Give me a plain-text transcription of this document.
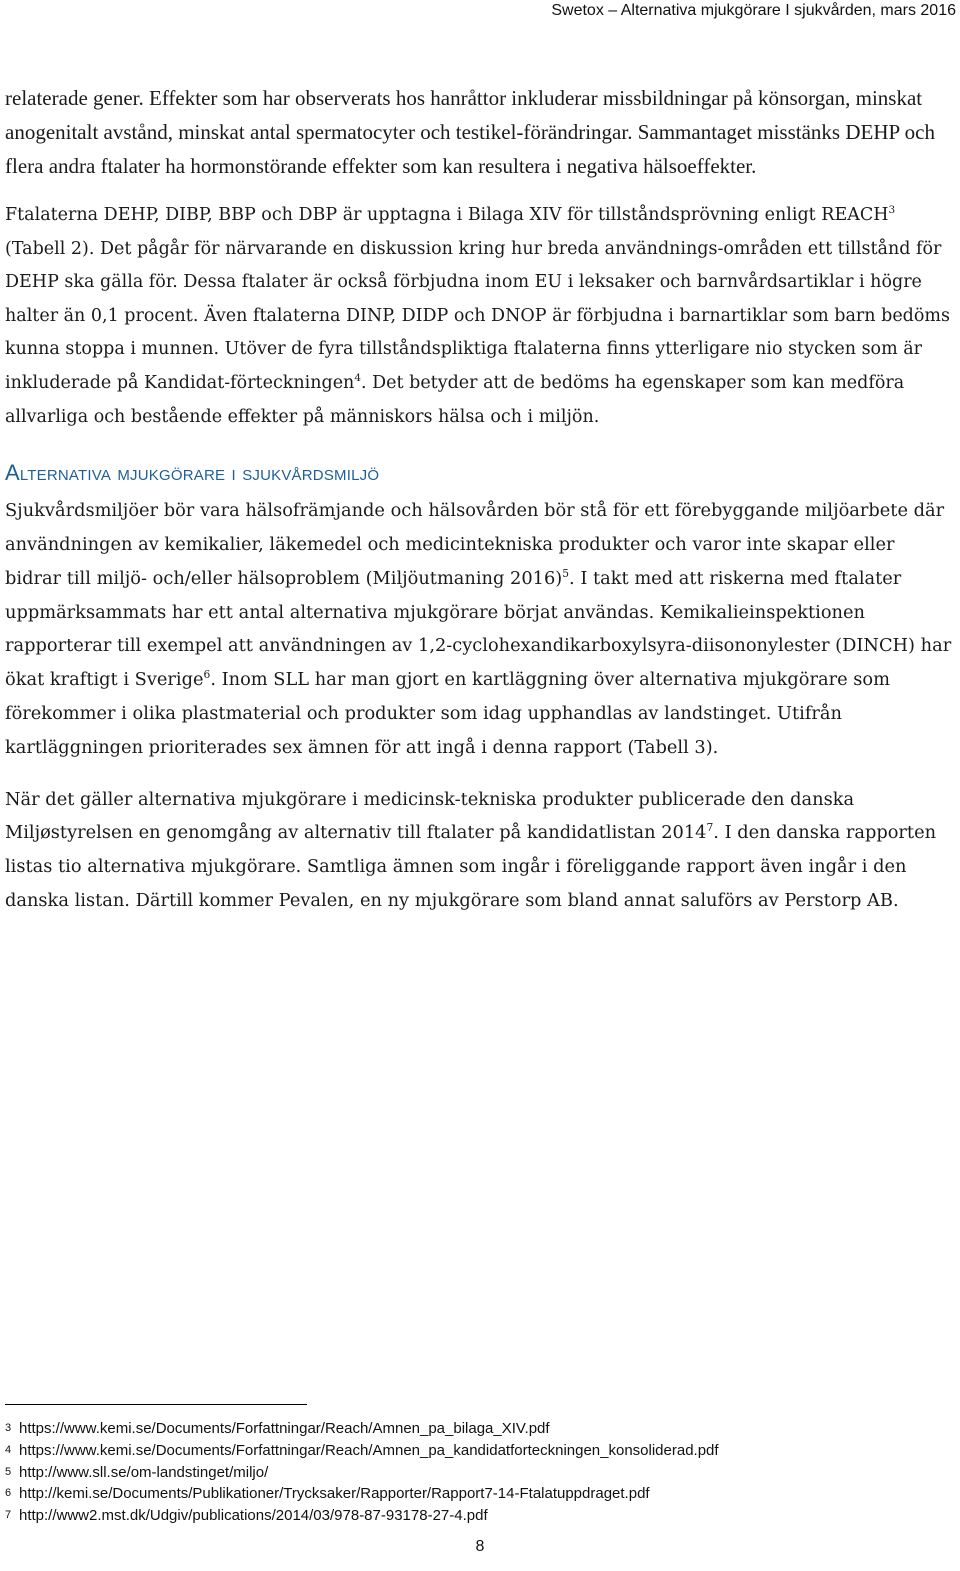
Swetox – Alternativa mjukgörare I sjukvården, mars 2016

relaterade gener. Effekter som har observerats hos hanråttor inkluderar missbildningar på könsorgan, minskat anogenitalt avstånd, minskat antal spermatocyter och testikel-förändringar. Sammantaget misstänks DEHP och flera andra ftalater ha hormonstörande effekter som kan resultera i negativa hälsoeffekter.

Ftalaterna DEHP, DIBP, BBP och DBP är upptagna i Bilaga XIV för tillståndsprövning enligt REACH$^3$ (Tabell 2). Det pågår för närvarande en diskussion kring hur breda användnings-områden ett tillstånd för DEHP ska gälla för. Dessa ftalater är också förbjudna inom EU i leksaker och barnvårdsartiklar i högre halter än 0,1 procent. Även ftalaterna DINP, DIDP och DNOP är förbjudna i barnartiklar som barn bedöms kunna stoppa i munnen. Utöver de fyra tillståndspliktiga ftalaterna finns ytterligare nio stycken som är inkluderade på Kandidat-förteckningen$^4$. Det betyder att de bedöms ha egenskaper som kan medföra allvarliga och bestående effekter på människors hälsa och i miljön.

Alternativa mjukgörare i sjukvårdsmiljö

Sjukvårdsmiljöer bör vara hälsofrämjande och hälsovården bör stå för ett förebyggande miljöarbete där användningen av kemikalier, läkemedel och medicintekniska produkter och varor inte skapar eller bidrar till miljö- och/eller hälsoproblem (Miljöutmaning 2016)$^5$. I takt med att riskerna med ftalater uppmärksammats har ett antal alternativa mjukgörare börjat användas. Kemikalieinspektionen rapporterar till exempel att användningen av 1,2-cyclohexandikarboxylsyra-diisononylester (DINCH) har ökat kraftigt i Sverige$^6$. Inom SLL har man gjort en kartläggning över alternativa mjukgörare som förekommer i olika plastmaterial och produkter som idag upphandlas av landstinget. Utifrån kartläggningen prioriterades sex ämnen för att ingå i denna rapport (Tabell 3).

När det gäller alternativa mjukgörare i medicinsk-tekniska produkter publicerade den danska Miljøstyrelsen en genomgång av alternativ till ftalater på kandidatlistan 2014$^7$. I den danska rapporten listas tio alternativa mjukgörare. Samtliga ämnen som ingår i föreliggande rapport även ingår i den danska listan. Därtill kommer Pevalen, en ny mjukgörare som bland annat saluförs av Perstorp AB.

3 https://www.kemi.se/Documents/Forfattningar/Reach/Amnen_pa_bilaga_XIV.pdf
4 https://www.kemi.se/Documents/Forfattningar/Reach/Amnen_pa_kandidatforteckningen_konsoliderad.pdf
5 http://www.sll.se/om-landstinget/miljo/
6 http://kemi.se/Documents/Publikationer/Trycksaker/Rapporter/Rapport7-14-Ftalatuppdraget.pdf
7 http://www2.mst.dk/Udgiv/publications/2014/03/978-87-93178-27-4.pdf
8
